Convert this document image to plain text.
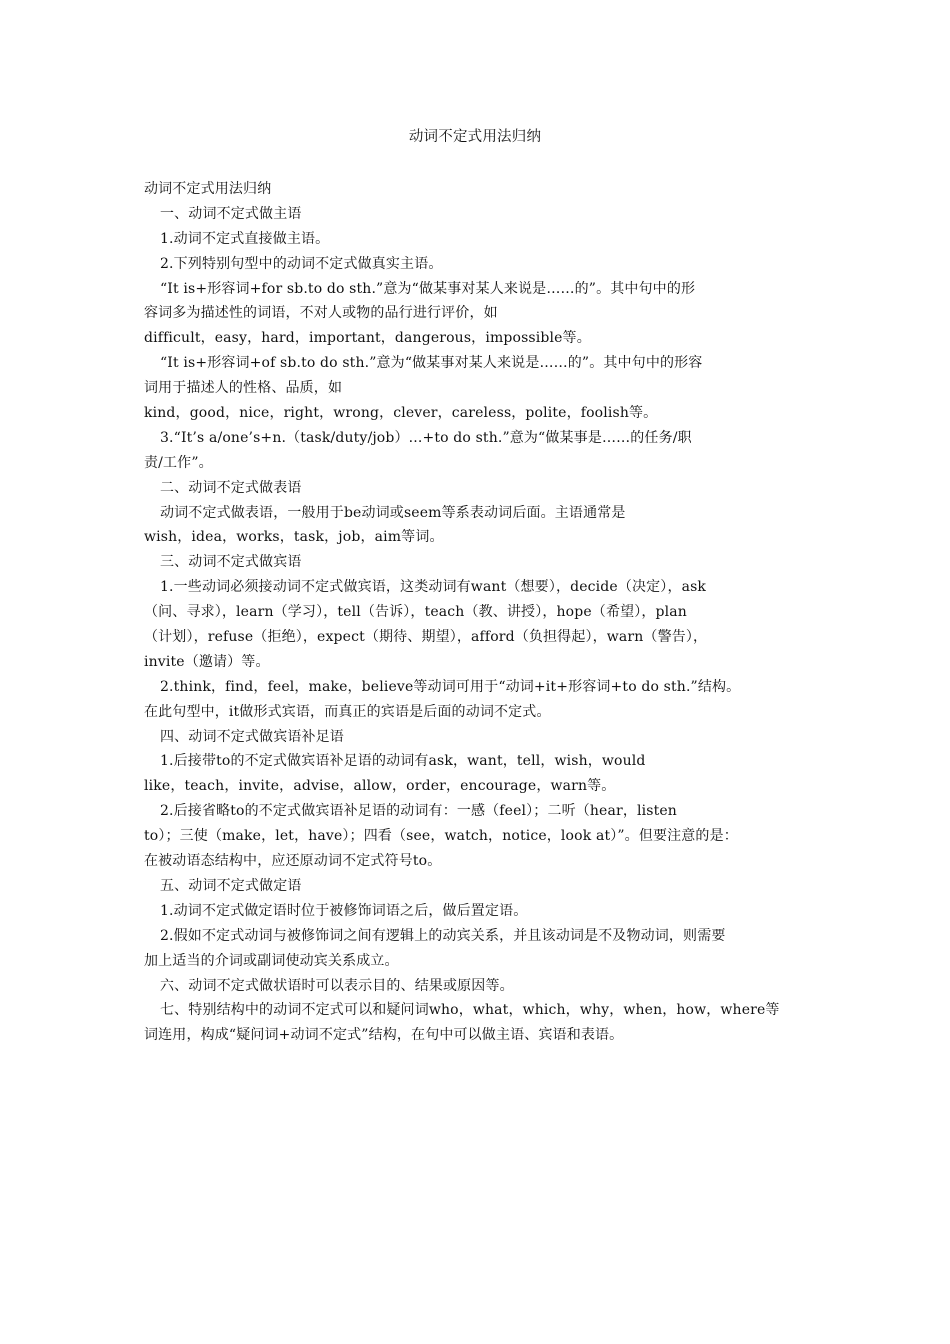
动词不定式用法归纳
动词不定式用法归纳
一、动词不定式做主语
1.动词不定式直接做主语。
2.下列特别句型中的动词不定式做真实主语。
“It is+形容词+for sb.to do sth.”意为“做某事对某人来说是……的”。其中句中的形
容词多为描述性的词语，不对人或物的品行进行评价，如
difficult，easy，hard，important，dangerous，impossible等。
“It is+形容词+of sb.to do sth.”意为“做某事对某人来说是……的”。其中句中的形容
词用于描述人的性格、品质，如
kind，good，nice，right，wrong，clever，careless，polite，foolish等。
3.“It’s a/one’s+n.（task/duty/job）...+to do sth.”意为“做某事是……的任务/职
责/工作”。
二、动词不定式做表语
动词不定式做表语，一般用于be动词或seem等系表动词后面。主语通常是
wish，idea，works，task，job，aim等词。
三、动词不定式做宾语
1.一些动词必须接动词不定式做宾语，这类动词有want（想要），decide（决定），ask
（问、寻求），learn（学习），tell（告诉），teach（教、讲授），hope（希望），plan
（计划），refuse（拒绝），expect（期待、期望），afford（负担得起），warn（警告），
invite（邀请）等。
2.think，find，feel，make，believe等动词可用于“动词+it+形容词+to do sth.”结构。
在此句型中，it做形式宾语，而真正的宾语是后面的动词不定式。
四、动词不定式做宾语补足语
1.后接带to的不定式做宾语补足语的动词有ask，want，tell，wish，would
like，teach，invite，advise，allow，order，encourage，warn等。
2.后接省略to的不定式做宾语补足语的动词有：一感（feel）；二听（hear，listen
to）；三使（make，let，have）；四看（see，watch，notice，look at）”。但要注意的是：
在被动语态结构中，应还原动词不定式符号to。
五、动词不定式做定语
1.动词不定式做定语时位于被修饰词语之后，做后置定语。
2.假如不定式动词与被修饰词之间有逻辑上的动宾关系，并且该动词是不及物动词，则需要
加上适当的介词或副词使动宾关系成立。
六、动词不定式做状语时可以表示目的、结果或原因等。
七、特别结构中的动词不定式可以和疑问词who，what，which，why，when，how，where等
词连用，构成“疑问词+动词不定式”结构，在句中可以做主语、宾语和表语。
